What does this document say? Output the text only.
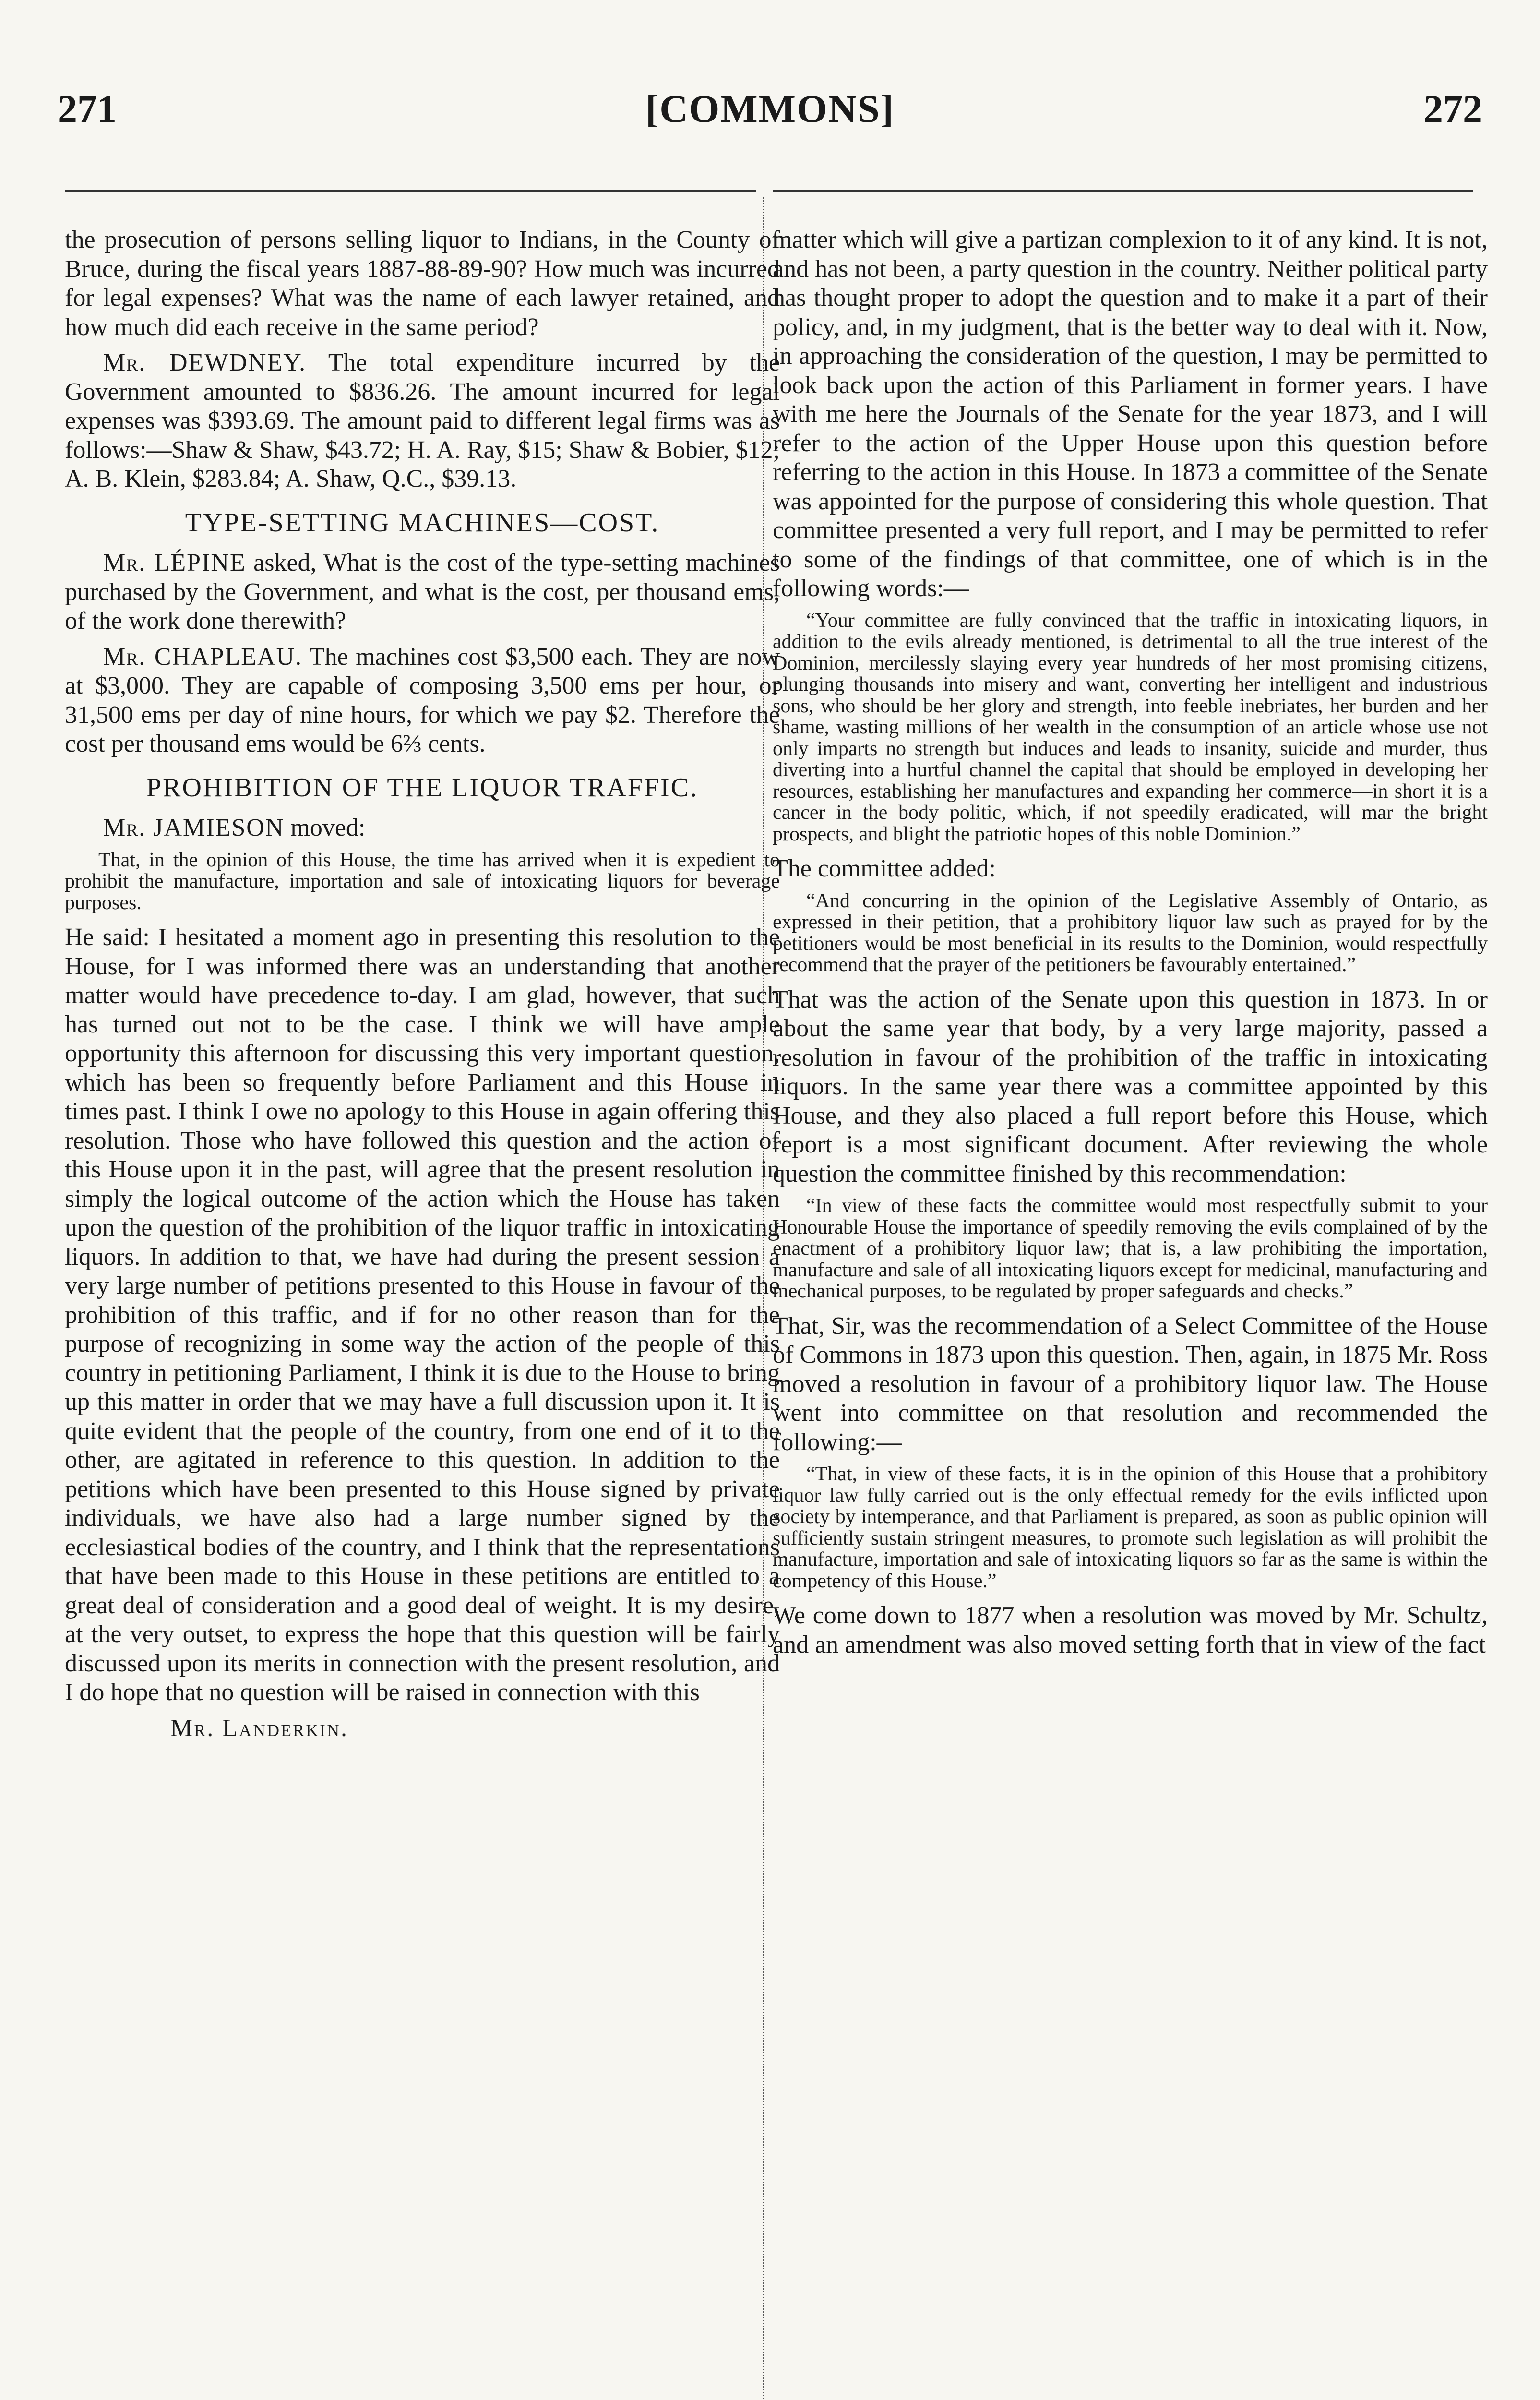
271	[COMMONS]	272

the prosecution of persons selling liquor to Indians, in the County of Bruce, during the fiscal years 1887-88-89-90? How much was incurred for legal expenses? What was the name of each lawyer retained, and how much did each receive in the same period?

Mr. DEWDNEY. The total expenditure incurred by the Government amounted to $836.26. The amount incurred for legal expenses was $393.69. The amount paid to different legal firms was as follows:—Shaw & Shaw, $43.72; H. A. Ray, $15; Shaw & Bobier, $12; A. B. Klein, $283.84; A. Shaw, Q.C., $39.13.

TYPE-SETTING MACHINES—COST.

Mr. LÉPINE asked, What is the cost of the type-setting machines purchased by the Government, and what is the cost, per thousand ems, of the work done therewith?

Mr. CHAPLEAU. The machines cost $3,500 each. They are now at $3,000. They are capable of composing 3,500 ems per hour, or 31,500 ems per day of nine hours, for which we pay $2. Therefore the cost per thousand ems would be 6⅔ cents.

PROHIBITION OF THE LIQUOR TRAFFIC.

Mr. JAMIESON moved:

That, in the opinion of this House, the time has arrived when it is expedient to prohibit the manufacture, importation and sale of intoxicating liquors for beverage purposes.

He said: I hesitated a moment ago in presenting this resolution to the House, for I was informed there was an understanding that another matter would have precedence to-day. I am glad, however, that such has turned out not to be the case. I think we will have ample opportunity this afternoon for discussing this very important question, which has been so frequently before Parliament and this House in times past. I think I owe no apology to this House in again offering this resolution. Those who have followed this question and the action of this House upon it in the past, will agree that the present resolution in simply the logical outcome of the action which the House has taken upon the question of the prohibition of the liquor traffic in intoxicating liquors. In addition to that, we have had during the present session a very large number of petitions presented to this House in favour of the prohibition of this traffic, and if for no other reason than for the purpose of recognizing in some way the action of the people of this country in petitioning Parliament, I think it is due to the House to bring up this matter in order that we may have a full discussion upon it. It is quite evident that the people of the country, from one end of it to the other, are agitated in reference to this question. In addition to the petitions which have been presented to this House signed by private individuals, we have also had a large number signed by the ecclesiastical bodies of the country, and I think that the representations that have been made to this House in these petitions are entitled to a great deal of consideration and a good deal of weight. It is my desire, at the very outset, to express the hope that this question will be fairly discussed upon its merits in connection with the present resolution, and I do hope that no question will be raised in connection with this

Mr. Landerkin.

matter which will give a partizan complexion to it of any kind. It is not, and has not been, a party question in the country. Neither political party has thought proper to adopt the question and to make it a part of their policy, and, in my judgment, that is the better way to deal with it. Now, in approaching the consideration of the question, I may be permitted to look back upon the action of this Parliament in former years. I have with me here the Journals of the Senate for the year 1873, and I will refer to the action of the Upper House upon this question before referring to the action in this House. In 1873 a committee of the Senate was appointed for the purpose of considering this whole question. That committee presented a very full report, and I may be permitted to refer to some of the findings of that committee, one of which is in the following words:—

“Your committee are fully convinced that the traffic in intoxicating liquors, in addition to the evils already mentioned, is detrimental to all the true interest of the Dominion, mercilessly slaying every year hundreds of her most promising citizens, plunging thousands into misery and want, converting her intelligent and industrious sons, who should be her glory and strength, into feeble inebriates, her burden and her shame, wasting millions of her wealth in the consumption of an article whose use not only imparts no strength but induces and leads to insanity, suicide and murder, thus diverting into a hurtful channel the capital that should be employed in developing her resources, establishing her manufactures and expanding her commerce—in short it is a cancer in the body politic, which, if not speedily eradicated, will mar the bright prospects, and blight the patriotic hopes of this noble Dominion.”

The committee added:

“And concurring in the opinion of the Legislative Assembly of Ontario, as expressed in their petition, that a prohibitory liquor law such as prayed for by the petitioners would be most beneficial in its results to the Dominion, would respectfully recommend that the prayer of the petitioners be favourably entertained.”

That was the action of the Senate upon this question in 1873. In or about the same year that body, by a very large majority, passed a resolution in favour of the prohibition of the traffic in intoxicating liquors. In the same year there was a committee appointed by this House, and they also placed a full report before this House, which report is a most significant document. After reviewing the whole question the committee finished by this recommendation:

“In view of these facts the committee would most respectfully submit to your Honourable House the importance of speedily removing the evils complained of by the enactment of a prohibitory liquor law; that is, a law prohibiting the importation, manufacture and sale of all intoxicating liquors except for medicinal, manufacturing and mechanical purposes, to be regulated by proper safeguards and checks.”

That, Sir, was the recommendation of a Select Committee of the House of Commons in 1873 upon this question. Then, again, in 1875 Mr. Ross moved a resolution in favour of a prohibitory liquor law. The House went into committee on that resolution and recommended the following:—

“That, in view of these facts, it is in the opinion of this House that a prohibitory liquor law fully carried out is the only effectual remedy for the evils inflicted upon society by intemperance, and that Parliament is prepared, as soon as public opinion will sufficiently sustain stringent measures, to promote such legislation as will prohibit the manufacture, importation and sale of intoxicating liquors so far as the same is within the competency of this House.”

We come down to 1877 when a resolution was moved by Mr. Schultz, and an amendment was also moved setting forth that in view of the fact
